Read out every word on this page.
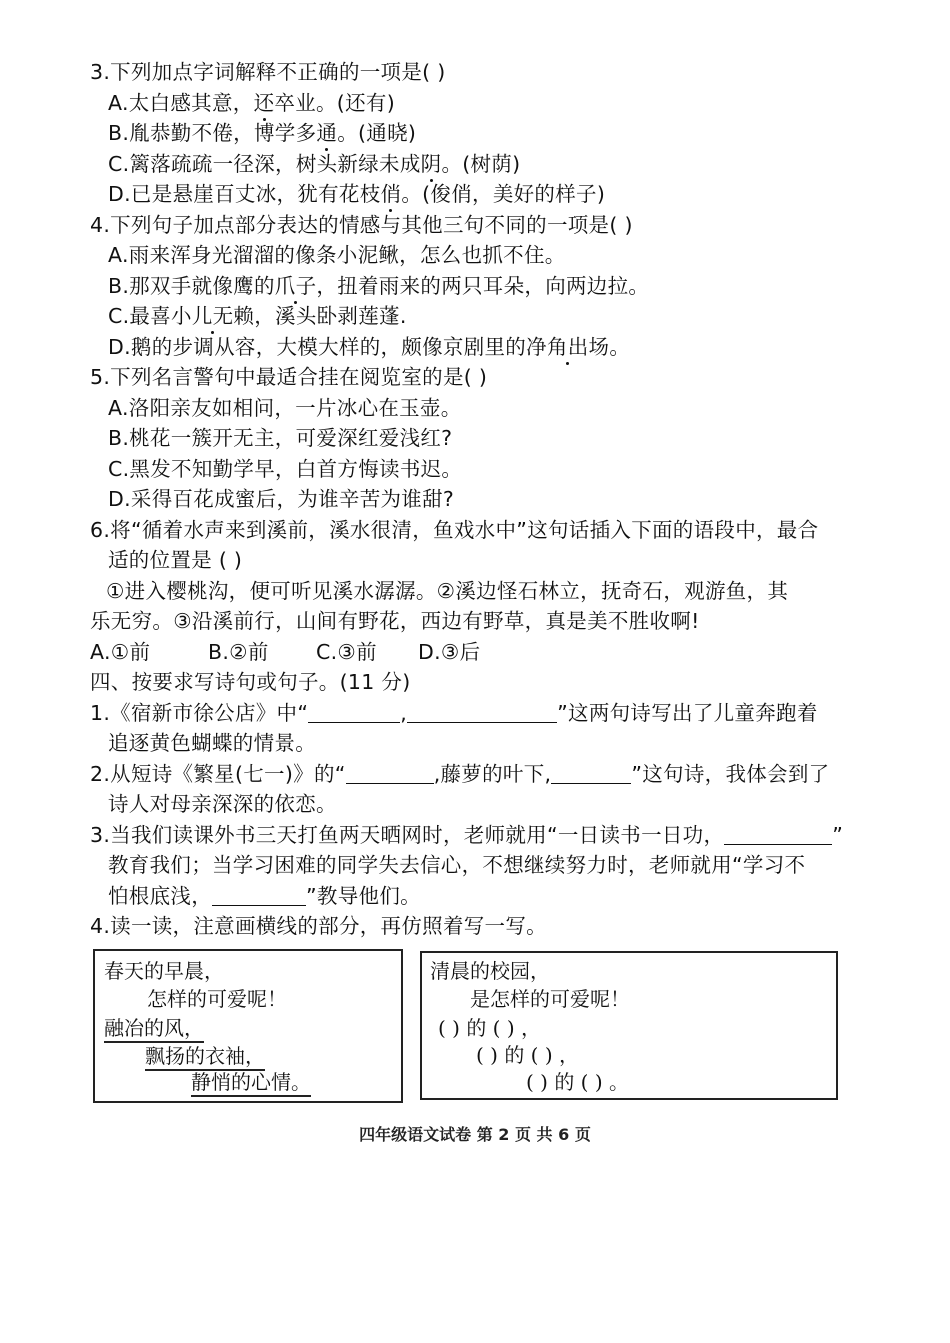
3.下列加点字词解释不正确的一项是( )
A.太白感其意，还卒业。(还有)
B.胤恭勤不倦，博学多通。(通晓)
C.篱落疏疏一径深，树头新绿未成阴。(树荫)
D.已是悬崖百丈冰，犹有花枝俏。(俊俏，美好的样子)
4.下列句子加点部分表达的情感与其他三句不同的一项是( )
A.雨来浑身光溜溜的像条小泥鳅，怎么也抓不住。
B.那双手就像鹰的爪子，扭着雨来的两只耳朵，向两边拉。
C.最喜小儿无赖，溪头卧剥莲蓬.
D.鹅的步调从容，大模大样的，颇像京剧里的净角出场。
5.下列名言警句中最适合挂在阅览室的是( )
A.洛阳亲友如相问，一片冰心在玉壶。
B.桃花一簇开无主，可爱深红爱浅红?
C.黑发不知勤学早，白首方悔读书迟。
D.采得百花成蜜后，为谁辛苦为谁甜?
6.将“循着水声来到溪前，溪水很清，鱼戏水中”这句话插入下面的语段中，最合
适的位置是 ( )
①进入樱桃沟，便可听见溪水潺潺。②溪边怪石林立，抚奇石，观游鱼，其
乐无穷。③沿溪前行，山间有野花，西边有野草，真是美不胜收啊!
A.①前	B.②前 C.③前 D.③后
四、按要求写诗句或句子。(11 分)
1.《宿新市徐公店》中“	,	”这两句诗写出了儿童奔跑着
追逐黄色蝴蝶的情景。
2.从短诗《繁星(七一)》的“	,藤萝的叶下,	”这句诗，我体会到了
诗人对母亲深深的依恋。
3.当我们读课外书三天打鱼两天晒网时，老师就用“一日读书一日功，	”
教育我们；当学习困难的同学失去信心，不想继续努力时，老师就用“学习不
怕根底浅，	”教导他们。
4.读一读，注意画横线的部分，再仿照着写一写。
春天的早晨，
怎样的可爱呢！
融冶的风，
飘扬的衣袖，
静悄的心情。
清晨的校园，
是怎样的可爱呢！
( ) 的 ( ) ，
( ) 的 ( ) ，
( ) 的 ( ) 。
四年级语文试卷 第 2 页 共 6 页
